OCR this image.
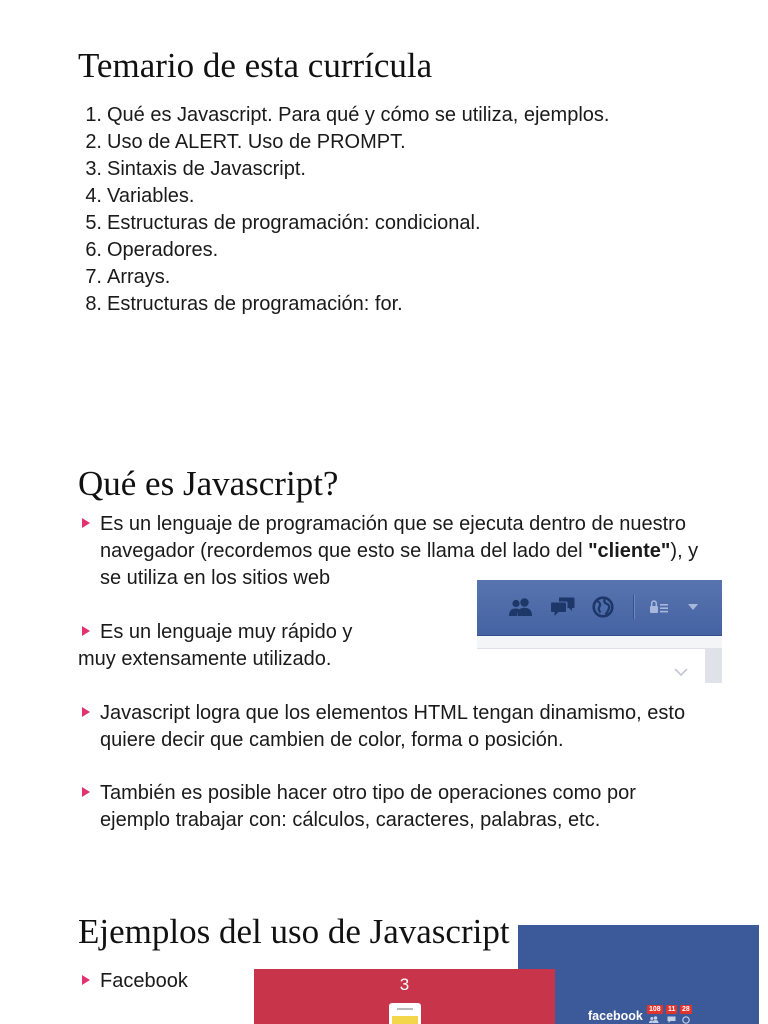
Temario de esta currícula
1. Qué es Javascript. Para qué y cómo se utiliza, ejemplos.
2. Uso de ALERT. Uso de PROMPT.
3. Sintaxis de Javascript.
4. Variables.
5. Estructuras de programación: condicional.
6. Operadores.
7. Arrays.
8. Estructuras de programación: for.
Qué es Javascript?

Es un lenguaje de programación que se ejecuta dentro de nuestro

navegador (recordemos que esto se llama del lado del "cliente"), y

se utiliza en los sitios web

Es un lenguaje muy rápido y

muy extensamente utilizado.

Javascript logra que los elementos HTML tengan dinamismo, esto

quiere decir que cambien de color, forma o posición.

También es posible hacer otro tipo de operaciones como por

ejemplo trabajar con: cálculos, caracteres, palabras, etc.

facebook 108 11 28
3
Ejemplos del uso de Javascript

Facebook
